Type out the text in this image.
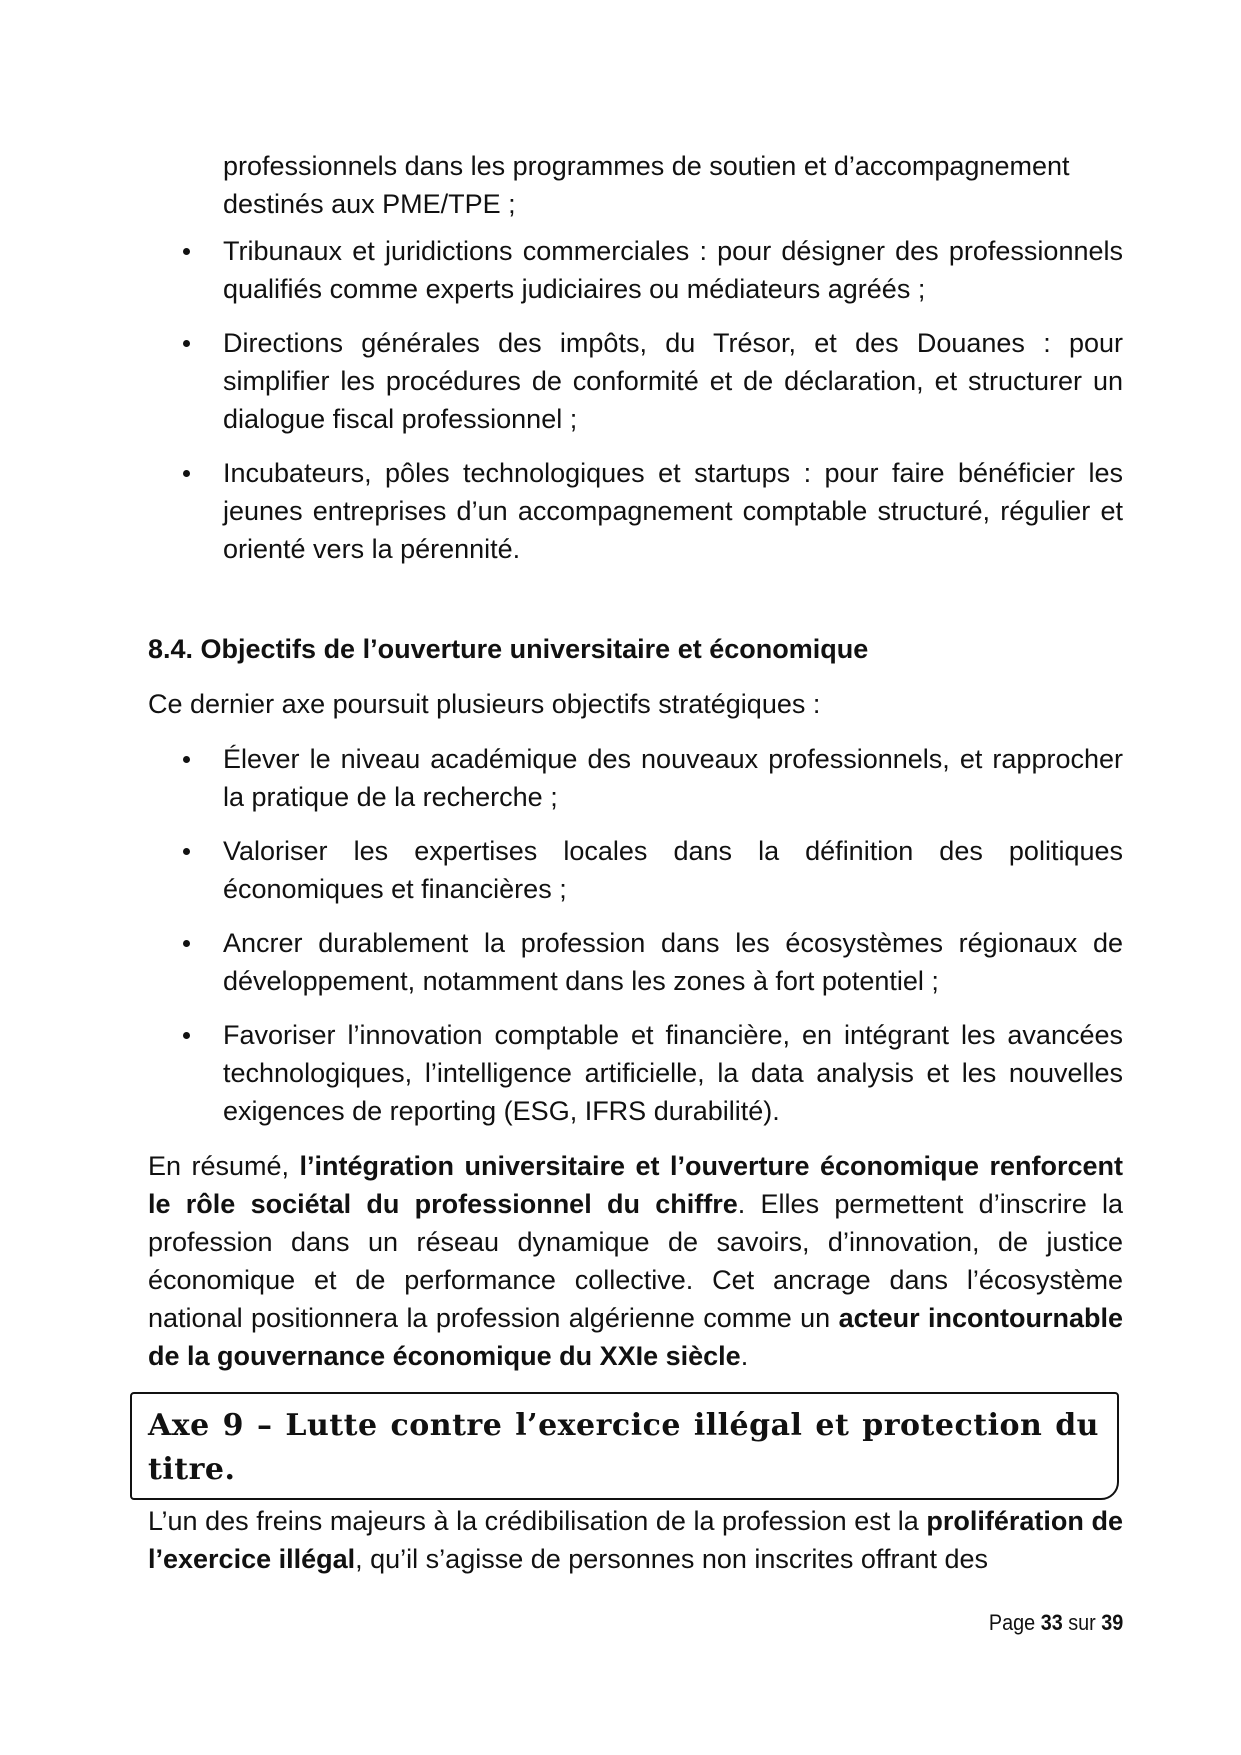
professionnels dans les programmes de soutien et d’accompagnement

destinés aux PME/TPE ;

Tribunaux et juridictions commerciales : pour désigner des professionnels qualifiés comme experts judiciaires ou médiateurs agréés ;
Directions générales des impôts, du Trésor, et des Douanes : pour simplifier les procédures de conformité et de déclaration, et structurer un dialogue fiscal professionnel ;
Incubateurs, pôles technologiques et startups : pour faire bénéficier les jeunes entreprises d’un accompagnement comptable structuré, régulier et orienté vers la pérennité.
8.4. Objectifs de l’ouverture universitaire et économique

Ce dernier axe poursuit plusieurs objectifs stratégiques :

Élever le niveau académique des nouveaux professionnels, et rapprocher la pratique de la recherche ;
Valoriser les expertises locales dans la définition des politiques économiques et financières ;
Ancrer durablement la profession dans les écosystèmes régionaux de développement, notamment dans les zones à fort potentiel ;
Favoriser l’innovation comptable et financière, en intégrant les avancées technologiques, l’intelligence artificielle, la data analysis et les nouvelles exigences de reporting (ESG, IFRS durabilité).

En résumé, l’intégration universitaire et l’ouverture économique renforcent le rôle sociétal du professionnel du chiffre. Elles permettent d’inscrire la profession dans un réseau dynamique de savoirs, d’innovation, de justice économique et de performance collective. Cet ancrage dans l’écosystème national positionnera la profession algérienne comme un acteur incontournable de la gouvernance économique du XXIe siècle.

Axe 9 – Lutte contre l’exercice illégal et protection du titre.

L’un des freins majeurs à la crédibilisation de la profession est la prolifération de l’exercice illégal, qu’il s’agisse de personnes non inscrites offrant des

Page 33 sur 39
